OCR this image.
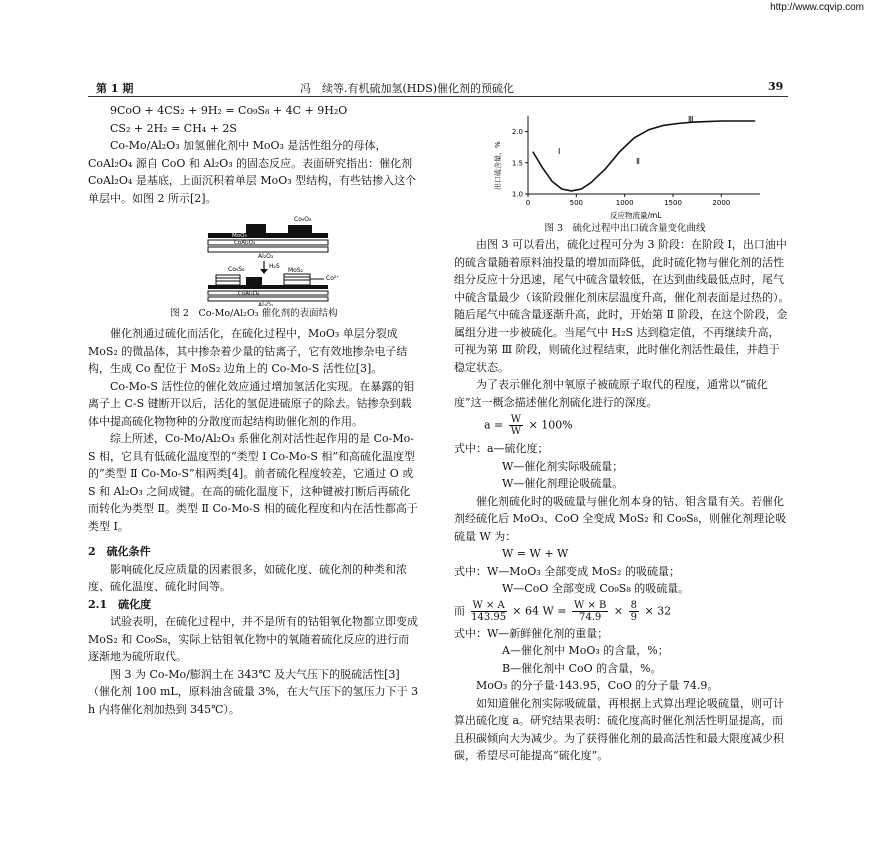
http://www.cqvip.com
第 1 期	冯　续等.有机硫加氢(HDS)催化剂的预硫化	39

9CoO + 4CS₂ + 9H₂ = Co₉S₈ + 4C + 9H₂O

CS₂ + 2H₂ = CH₄ + 2S

Co-Mo/Al₂O₃ 加氢催化剂中 MoO₃ 是活性组分的母体，CoAl₂O₄ 源自 CoO 和 Al₂O₃ 的固态反应。表面研究指出：催化剂 CoAl₂O₄ 是基底，上面沉积着单层 MoO₃ 型结构，有些钴掺入这个单层中。如图 2 所示[2]。

Co₉O₈
MoO₃
CoAl₂O₄
Al₂O₃
H₂S
Co₉S₈	MoS₂
Co²⁺
CoAl₂O₄
Al₂O₃
图 2　Co-Mo/Al₂O₃ 催化剂的表面结构

催化剂通过硫化而活化，在硫化过程中，MoO₃ 单层分裂成 MoS₂ 的微晶体，其中掺杂着少量的钴离子，它有效地掺杂电子结构，生成 Co 配位于 MoS₂ 边角上的 Co-Mo-S 活性位[3]。

Co-Mo-S 活性位的催化效应通过增加氢活化实现。在暴露的钼离子上 C-S 键断开以后，活化的氢促进硫原子的除去。钴掺杂到载体中提高硫化物物种的分散度而起结构助催化剂的作用。

综上所述，Co-Mo/Al₂O₃ 系催化剂对活性起作用的是 Co-Mo-S 相，它具有低硫化温度型的“类型 Ⅰ Co-Mo-S 相”和高硫化温度型的“类型 Ⅱ Co-Mo-S”相两类[4]。前者硫化程度较差，它通过 O 或 S 和 Al₂O₃ 之间成键。在高的硫化温度下，这种键被打断后再硫化而转化为类型 Ⅱ。类型 Ⅱ Co-Mo-S 相的硫化程度和内在活性都高于类型 Ⅰ。

2　硫化条件

影响硫化反应质量的因素很多，如硫化度、硫化剂的种类和浓度、硫化温度、硫化时间等。

2.1　硫化度

试验表明，在硫化过程中，并不是所有的钴钼氧化物都立即变成 MoS₂ 和 Co₉S₈，实际上钴钼氧化物中的氧随着硫化反应的进行而逐渐地为硫所取代。

图 3 为 Co-Mo/膨润土在 343℃ 及大气压下的脱硫活性[3]（催化剂 100 mL，原料油含硫量 3%，在大气压下的氢压力下于 3 h 内将催化剂加热到 345℃）。

出口硫含量，%
反应物流量/mL
Ⅰ
Ⅱ
Ⅲ
1.0
1.5
2.0
0	500	1000	1500	2000
图 3　硫化过程中出口硫含量变化曲线

由图 3 可以看出，硫化过程可分为 3 阶段：在阶段 Ⅰ，出口油中的硫含量随着原料油投量的增加而降低，此时硫化物与催化剂的活性组分反应十分迅速，尾气中硫含量较低，在达到曲线最低点时，尾气中硫含量最少（该阶段催化剂床层温度升高，催化剂表面是过热的）。随后尾气中硫含量逐渐升高，此时，开始第 Ⅱ 阶段，在这个阶段，金属组分进一步被硫化。当尾气中 H₂S 达到稳定值，不再继续升高，可视为第 Ⅲ 阶段，则硫化过程结束，此时催化剂活性最佳，并趋于稳定状态。

为了表示催化剂中氧原子被硫原子取代的程度，通常以“硫化度”这一概念描述催化剂硫化进行的深度。

$a = \frac{W}{W} \times 100\%$

式中：a—硫化度；

W—催化剂实际吸硫量；

W—催化剂理论吸硫量。

催化剂硫化时的吸硫量与催化剂本身的钴、钼含量有关。若催化剂经硫化后 MoO₃、CoO 全变成 MoS₂ 和 Co₉S₈，则催化剂理论吸硫量 W 为：

W = W + W

式中：W—MoO₃ 全部变成 MoS₂ 的吸硫量；

W—CoO 全部变成 Co₉S₈ 的吸硫量。

而 $\frac{W \times A}{143.95} \times 64$ $W = \frac{W \times B}{74.9} \times \frac{8}{9} \times 32$

式中：W—新鲜催化剂的重量；

A—催化剂中 MoO₃ 的含量，%；

B—催化剂中 CoO 的含量，%。

MoO₃ 的分子量·143.95，CoO 的分子量 74.9。

如知道催化剂实际吸硫量，再根据上式算出理论吸硫量，则可计算出硫化度 a。研究结果表明：硫化度高时催化剂活性明显提高，而且积碳倾向大为减少。为了获得催化剂的最高活性和最大限度减少积碳，希望尽可能提高“硫化度”。
